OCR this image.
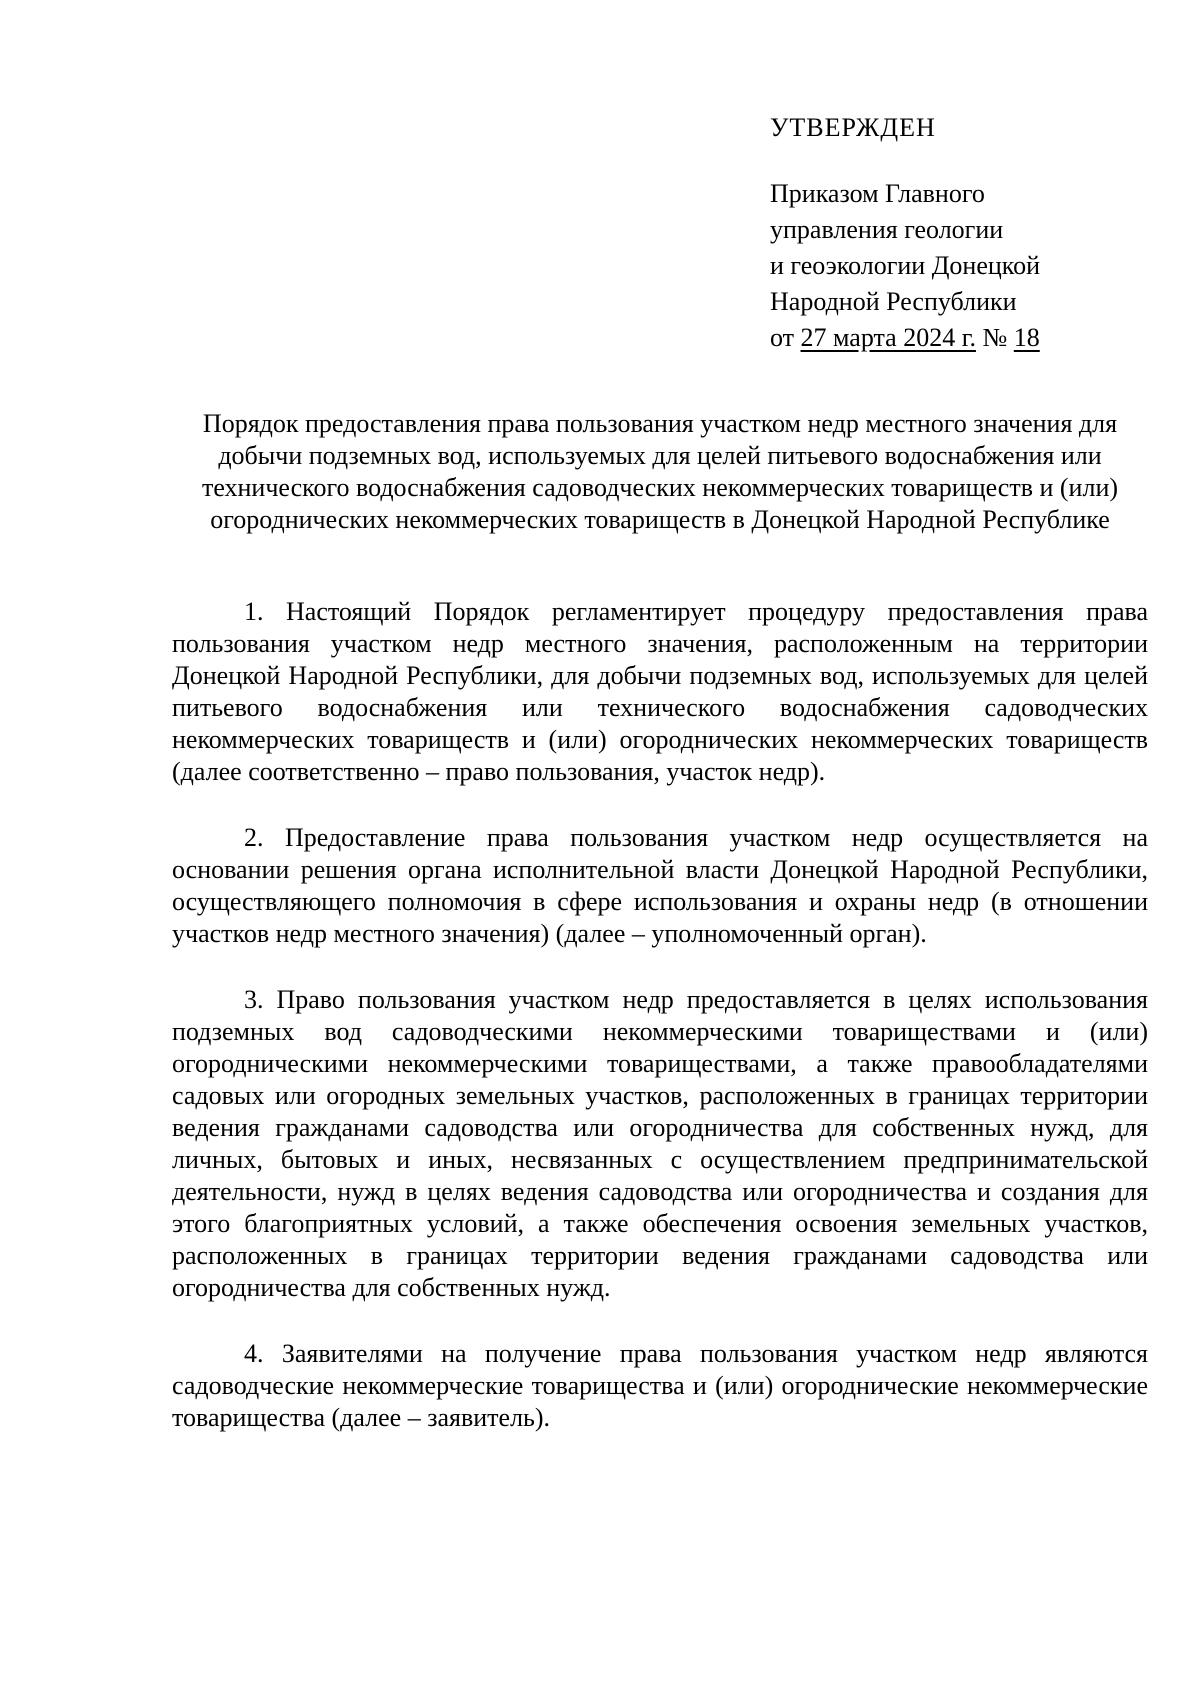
УТВЕРЖДЕН
Приказом Главного
управления геологии
и геоэкологии Донецкой
Народной Республики
от 27 марта 2024 г. № 18
Порядок предоставления права пользования участком недр местного значения для добычи подземных вод, используемых для целей питьевого водоснабжения или технического водоснабжения садоводческих некоммерческих товариществ и (или) огороднических некоммерческих товариществ в Донецкой Народной Республике

1. Настоящий Порядок регламентирует процедуру предоставления права пользования участком недр местного значения, расположенным на территории Донецкой Народной Республики, для добычи подземных вод, используемых для целей питьевого водоснабжения или технического водоснабжения садоводческих некоммерческих товариществ и (или) огороднических некоммерческих товариществ (далее соответственно – право пользования, участок недр).

2. Предоставление права пользования участком недр осуществляется на основании решения органа исполнительной власти Донецкой Народной Республики, осуществляющего полномочия в сфере использования и охраны недр (в отношении участков недр местного значения) (далее – уполномоченный орган).

3. Право пользования участком недр предоставляется в целях использования подземных вод садоводческими некоммерческими товариществами и (или) огородническими некоммерческими товариществами, а также правообладателями садовых или огородных земельных участков, расположенных в границах территории ведения гражданами садоводства или огородничества для собственных нужд, для личных, бытовых и иных, несвязанных с осуществлением предпринимательской деятельности, нужд в целях ведения садоводства или огородничества и создания для этого благоприятных условий, а также обеспечения освоения земельных участков, расположенных в границах территории ведения гражданами садоводства или огородничества для собственных нужд.

4. Заявителями на получение права пользования участком недр являются садоводческие некоммерческие товарищества и (или) огороднические некоммерческие товарищества (далее – заявитель).
